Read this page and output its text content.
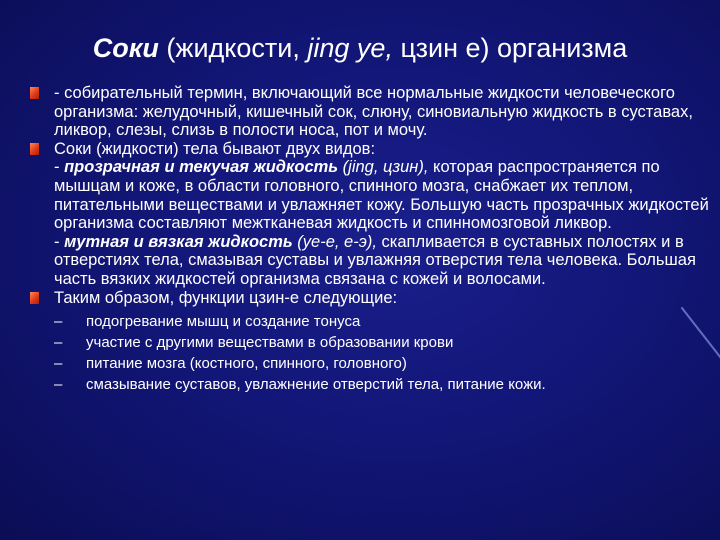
Соки (жидкости, jing ye, цзин е) организма

- собирательный термин, включающий все нормальные жидкости человеческого организма: желудочный, кишечный сок, слюну, синовиальную жидкость в суставах, ликвор, слезы, слизь в полости носа, пот и мочу.

Соки (жидкости) тела бывают двух видов:

- прозрачная и текучая жидкость (jing, цзин), которая распространяется по мышцам и коже, в области головного, спинного мозга, снабжает их теплом, питательными веществами и увлажняет кожу. Большую часть прозрачных жидкостей организма составляют межтканевая жидкость и спинномозговой ликвор.

- мутная и вязкая жидкость (ye-e, е-э), скапливается в суставных полостях и в отверстиях тела, смазывая суставы и увлажняя отверстия тела человека. Большая часть вязких жидкостей организма связана с кожей и волосами.

Таким образом, функции цзин-е следующие:

– подогревание мышц и создание тонуса
– участие с другими веществами в образовании крови
– питание мозга (костного, спинного, головного)
– смазывание суставов, увлажнение отверстий тела, питание кожи.
